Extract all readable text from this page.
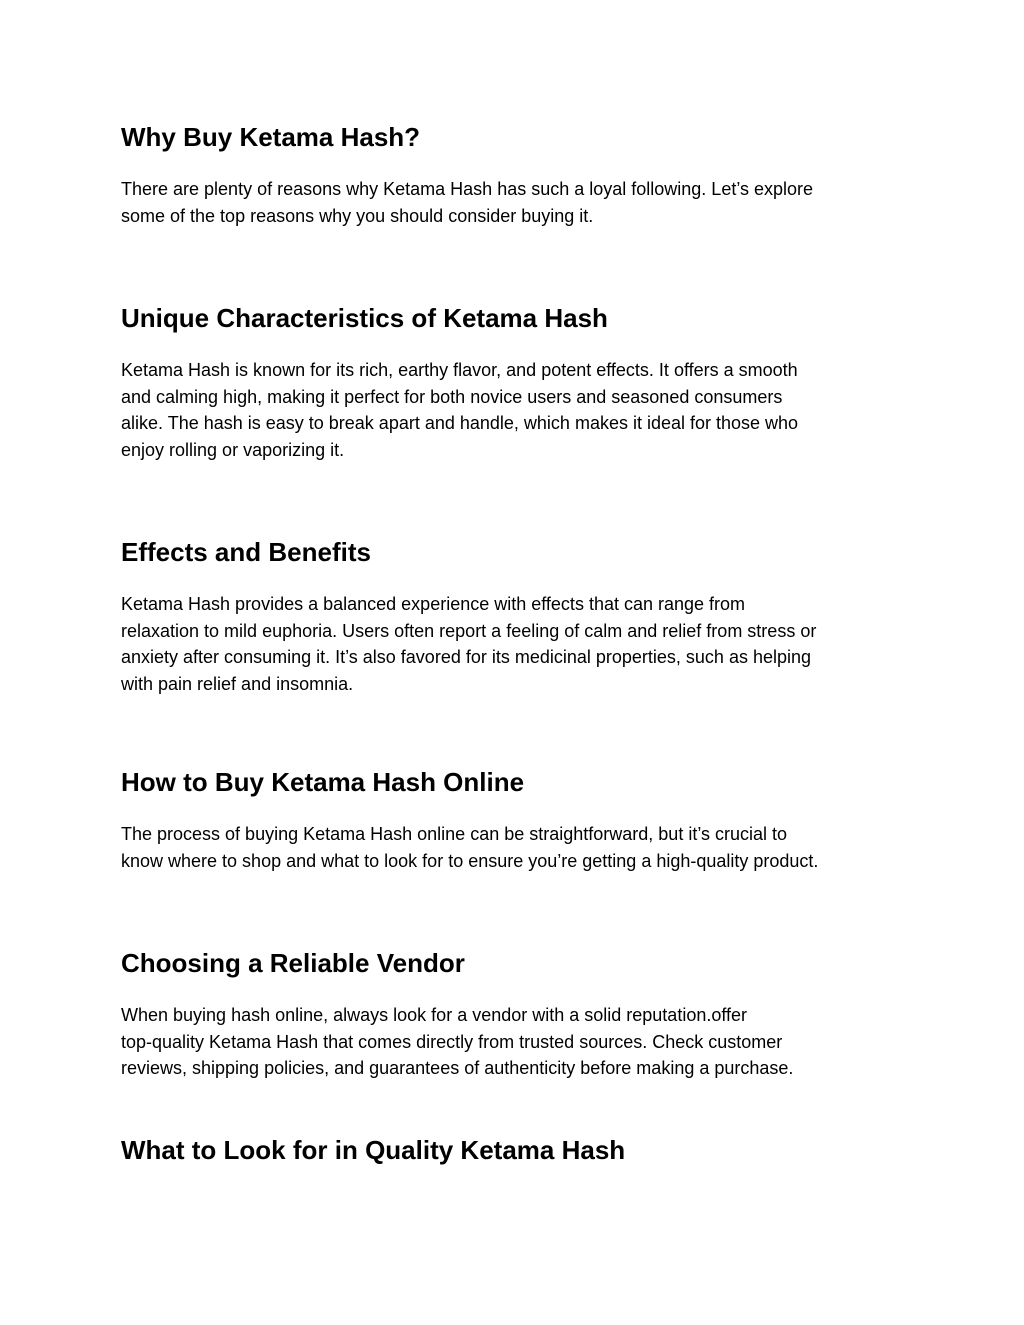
Why Buy Ketama Hash?

There are plenty of reasons why Ketama Hash has such a loyal following. Let’s explore

some of the top reasons why you should consider buying it.

Unique Characteristics of Ketama Hash

Ketama Hash is known for its rich, earthy flavor, and potent effects. It offers a smooth

and calming high, making it perfect for both novice users and seasoned consumers

alike. The hash is easy to break apart and handle, which makes it ideal for those who

enjoy rolling or vaporizing it.

Effects and Benefits

Ketama Hash provides a balanced experience with effects that can range from

relaxation to mild euphoria. Users often report a feeling of calm and relief from stress or

anxiety after consuming it. It’s also favored for its medicinal properties, such as helping

with pain relief and insomnia.

How to Buy Ketama Hash Online

The process of buying Ketama Hash online can be straightforward, but it’s crucial to

know where to shop and what to look for to ensure you’re getting a high-quality product.

Choosing a Reliable Vendor

When buying hash online, always look for a vendor with a solid reputation.offer

top-quality Ketama Hash that comes directly from trusted sources. Check customer

reviews, shipping policies, and guarantees of authenticity before making a purchase.

What to Look for in Quality Ketama Hash
